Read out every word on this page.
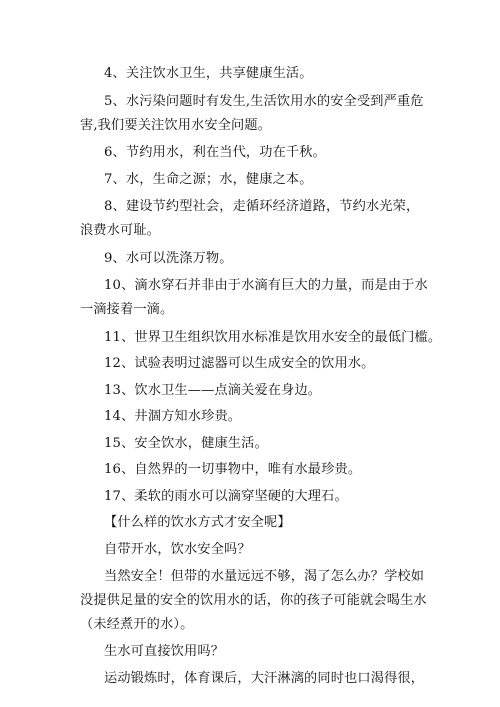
4、关注饮水卫生，共享健康生活。
5、水污染问题时有发生,生活饮用水的安全受到严重危
害,我们要关注饮用水安全问题。
6、节约用水，利在当代，功在千秋。
7、水，生命之源；水，健康之本。
8、建设节约型社会，走循环经济道路，节约水光荣，
浪费水可耻。
9、水可以洗涤万物。
10、滴水穿石并非由于水滴有巨大的力量，而是由于水
一滴接着一滴。
11、世界卫生组织饮用水标准是饮用水安全的最低门槛。
12、试验表明过滤器可以生成安全的饮用水。
13、饮水卫生——点滴关爱在身边。
14、井涸方知水珍贵。
15、安全饮水，健康生活。
16、自然界的一切事物中，唯有水最珍贵。
17、柔软的雨水可以滴穿坚硬的大理石。
【什么样的饮水方式才安全呢】
自带开水，饮水安全吗？
当然安全！但带的水量远远不够，渴了怎么办？学校如
没提供足量的安全的饮用水的话，你的孩子可能就会喝生水
（未经煮开的水）。
生水可直接饮用吗？
运动锻炼时，体育课后，大汗淋漓的同时也口渴得很，
